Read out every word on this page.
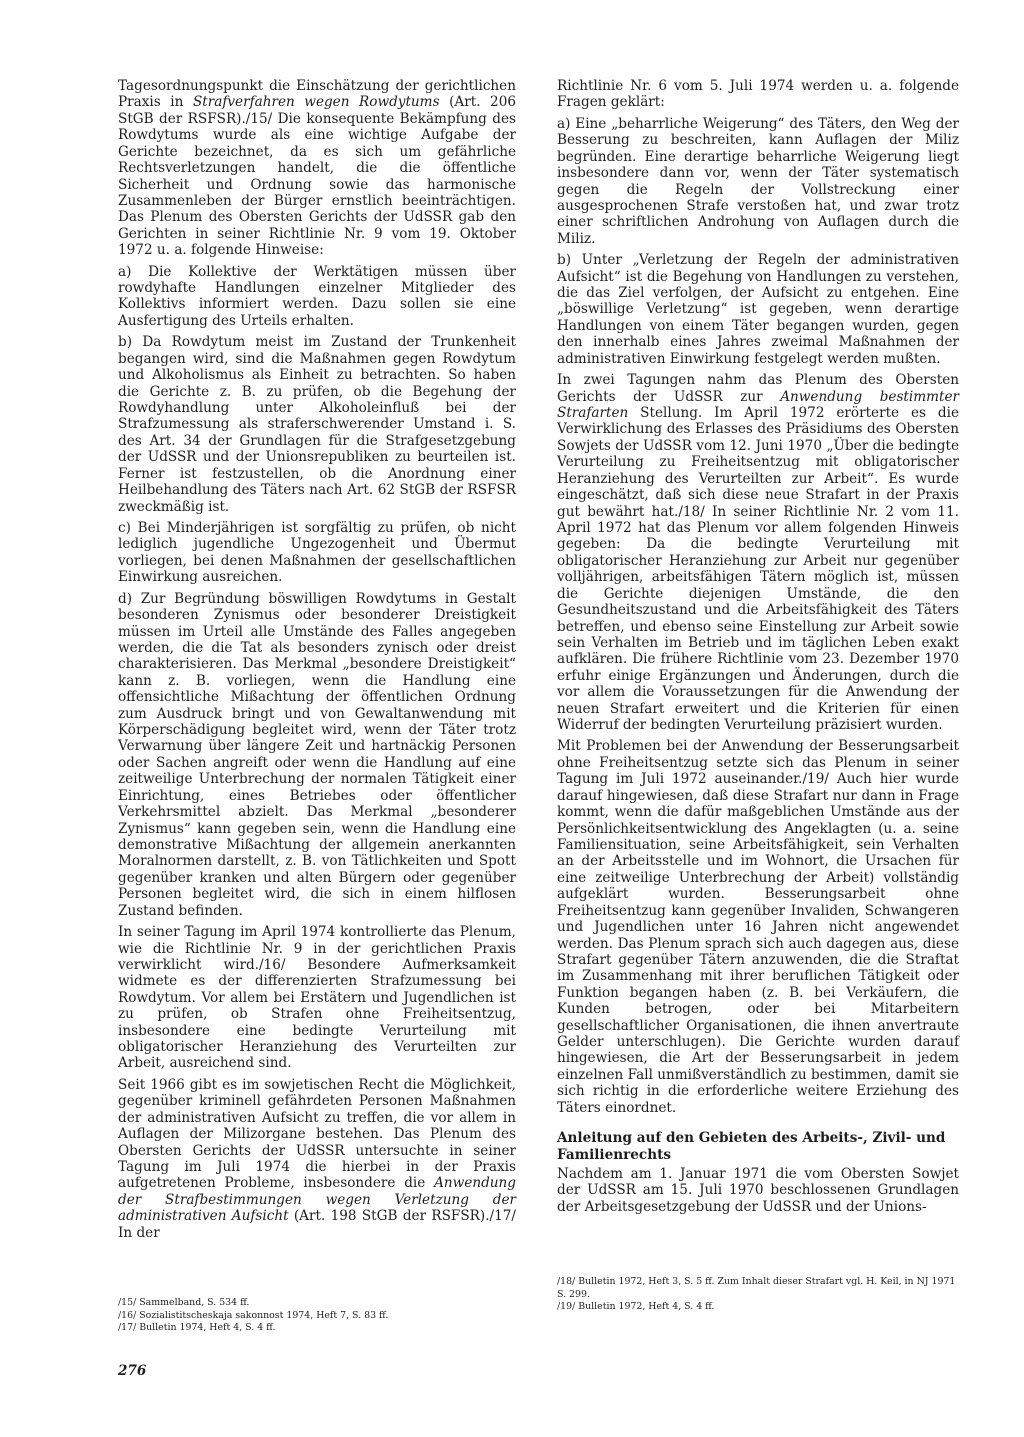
Tagesordnungspunkt die Einschätzung der gerichtlichen Praxis in Strafverfahren wegen Rowdytums (Art. 206 StGB der RSFSR)./15/ Die konsequente Bekämpfung des Rowdytums wurde als eine wichtige Aufgabe der Gerichte bezeichnet, da es sich um gefährliche Rechtsverletzungen handelt, die die öffentliche Sicherheit und Ordnung sowie das harmonische Zusammenleben der Bürger ernstlich beeinträchtigen. Das Plenum des Obersten Gerichts der UdSSR gab den Gerichten in seiner Richtlinie Nr. 9 vom 19. Oktober 1972 u. a. folgende Hinweise:

a) Die Kollektive der Werktätigen müssen über rowdyhafte Handlungen einzelner Mitglieder des Kollektivs informiert werden. Dazu sollen sie eine Ausfertigung des Urteils erhalten.

b) Da Rowdytum meist im Zustand der Trunkenheit begangen wird, sind die Maßnahmen gegen Rowdytum und Alkoholismus als Einheit zu betrachten. So haben die Gerichte z. B. zu prüfen, ob die Begehung der Rowdyhandlung unter Alkoholeinfluß bei der Strafzumessung als straferschwerender Umstand i. S. des Art. 34 der Grundlagen für die Strafgesetzgebung der UdSSR und der Unionsrepubliken zu beurteilen ist. Ferner ist festzustellen, ob die Anordnung einer Heilbehandlung des Täters nach Art. 62 StGB der RSFSR zweckmäßig ist.

c) Bei Minderjährigen ist sorgfältig zu prüfen, ob nicht lediglich jugendliche Ungezogenheit und Übermut vorliegen, bei denen Maßnahmen der gesellschaftlichen Einwirkung ausreichen.

d) Zur Begründung böswilligen Rowdytums in Gestalt besonderen Zynismus oder besonderer Dreistigkeit müssen im Urteil alle Umstände des Falles angegeben werden, die die Tat als besonders zynisch oder dreist charakterisieren. Das Merkmal „besondere Dreistigkeit“ kann z. B. vorliegen, wenn die Handlung eine offensichtliche Mißachtung der öffentlichen Ordnung zum Ausdruck bringt und von Gewaltanwendung mit Körperschädigung begleitet wird, wenn der Täter trotz Verwarnung über längere Zeit und hartnäckig Personen oder Sachen angreift oder wenn die Handlung auf eine zeitweilige Unterbrechung der normalen Tätigkeit einer Einrichtung, eines Betriebes oder öffentlicher Verkehrsmittel abzielt. Das Merkmal „besonderer Zynismus“ kann gegeben sein, wenn die Handlung eine demonstrative Mißachtung der allgemein anerkannten Moralnormen darstellt, z. B. von Tätlichkeiten und Spott gegenüber kranken und alten Bürgern oder gegenüber Personen begleitet wird, die sich in einem hilflosen Zustand befinden.

In seiner Tagung im April 1974 kontrollierte das Plenum, wie die Richtlinie Nr. 9 in der gerichtlichen Praxis verwirklicht wird./16/ Besondere Aufmerksamkeit widmete es der differenzierten Strafzumessung bei Rowdytum. Vor allem bei Erstätern und Jugendlichen ist zu prüfen, ob Strafen ohne Freiheitsentzug, insbesondere eine bedingte Verurteilung mit obligatorischer Heranziehung des Verurteilten zur Arbeit, ausreichend sind.

Seit 1966 gibt es im sowjetischen Recht die Möglichkeit, gegenüber kriminell gefährdeten Personen Maßnahmen der administrativen Aufsicht zu treffen, die vor allem in Auflagen der Milizorgane bestehen. Das Plenum des Obersten Gerichts der UdSSR untersuchte in seiner Tagung im Juli 1974 die hierbei in der Praxis aufgetretenen Probleme, insbesondere die Anwendung der Strafbestimmungen wegen Verletzung der administrativen Aufsicht (Art. 198 StGB der RSFSR)./17/ In der

Richtlinie Nr. 6 vom 5. Juli 1974 werden u. a. folgende Fragen geklärt:

a) Eine „beharrliche Weigerung“ des Täters, den Weg der Besserung zu beschreiten, kann Auflagen der Miliz begründen. Eine derartige beharrliche Weigerung liegt insbesondere dann vor, wenn der Täter systematisch gegen die Regeln der Vollstreckung einer ausgesprochenen Strafe verstoßen hat, und zwar trotz einer schriftlichen Androhung von Auflagen durch die Miliz.

b) Unter „Verletzung der Regeln der administrativen Aufsicht“ ist die Begehung von Handlungen zu verstehen, die das Ziel verfolgen, der Aufsicht zu entgehen. Eine „böswillige Verletzung“ ist gegeben, wenn derartige Handlungen von einem Täter begangen wurden, gegen den innerhalb eines Jahres zweimal Maßnahmen der administrativen Einwirkung festgelegt werden mußten.

In zwei Tagungen nahm das Plenum des Obersten Gerichts der UdSSR zur Anwendung bestimmter Strafarten Stellung. Im April 1972 erörterte es die Verwirklichung des Erlasses des Präsidiums des Obersten Sowjets der UdSSR vom 12. Juni 1970 „Über die bedingte Verurteilung zu Freiheitsentzug mit obligatorischer Heranziehung des Verurteilten zur Arbeit“. Es wurde eingeschätzt, daß sich diese neue Strafart in der Praxis gut bewährt hat./18/ In seiner Richtlinie Nr. 2 vom 11. April 1972 hat das Plenum vor allem folgenden Hinweis gegeben: Da die bedingte Verurteilung mit obligatorischer Heranziehung zur Arbeit nur gegenüber volljährigen, arbeitsfähigen Tätern möglich ist, müssen die Gerichte diejenigen Umstände, die den Gesundheitszustand und die Arbeitsfähigkeit des Täters betreffen, und ebenso seine Einstellung zur Arbeit sowie sein Verhalten im Betrieb und im täglichen Leben exakt aufklären. Die frühere Richtlinie vom 23. Dezember 1970 erfuhr einige Ergänzungen und Änderungen, durch die vor allem die Voraussetzungen für die Anwendung der neuen Strafart erweitert und die Kriterien für einen Widerruf der bedingten Verurteilung präzisiert wurden.

Mit Problemen bei der Anwendung der Besserungsarbeit ohne Freiheitsentzug setzte sich das Plenum in seiner Tagung im Juli 1972 auseinander./19/ Auch hier wurde darauf hingewiesen, daß diese Strafart nur dann in Frage kommt, wenn die dafür maßgeblichen Umstände aus der Persönlichkeitsentwicklung des Angeklagten (u. a. seine Familiensituation, seine Arbeitsfähigkeit, sein Verhalten an der Arbeitsstelle und im Wohnort, die Ursachen für eine zeitweilige Unterbrechung der Arbeit) vollständig aufgeklärt wurden. Besserungsarbeit ohne Freiheitsentzug kann gegenüber Invaliden, Schwangeren und Jugendlichen unter 16 Jahren nicht angewendet werden. Das Plenum sprach sich auch dagegen aus, diese Strafart gegenüber Tätern anzuwenden, die die Straftat im Zusammenhang mit ihrer beruflichen Tätigkeit oder Funktion begangen haben (z. B. bei Verkäufern, die Kunden betrogen, oder bei Mitarbeitern gesellschaftlicher Organisationen, die ihnen anvertraute Gelder unterschlugen). Die Gerichte wurden darauf hingewiesen, die Art der Besserungsarbeit in jedem einzelnen Fall unmißverständlich zu bestimmen, damit sie sich richtig in die erforderliche weitere Erziehung des Täters einordnet.

Anleitung auf den Gebieten des Arbeits-, Zivil- und Familienrechts

Nachdem am 1. Januar 1971 die vom Obersten Sowjet der UdSSR am 15. Juli 1970 beschlossenen Grundlagen der Arbeitsgesetzgebung der UdSSR und der Unions-

/15/ Sammelband, S. 534 ff.
/16/ Sozialistitscheskaja sakonnost 1974, Heft 7, S. 83 ff.
/17/ Bulletin 1974, Heft 4, S. 4 ff.
/18/ Bulletin 1972, Heft 3, S. 5 ff. Zum Inhalt dieser Strafart vgl. H. Keil, in NJ 1971 S. 299.
/19/ Bulletin 1972, Heft 4, S. 4 ff.
276
